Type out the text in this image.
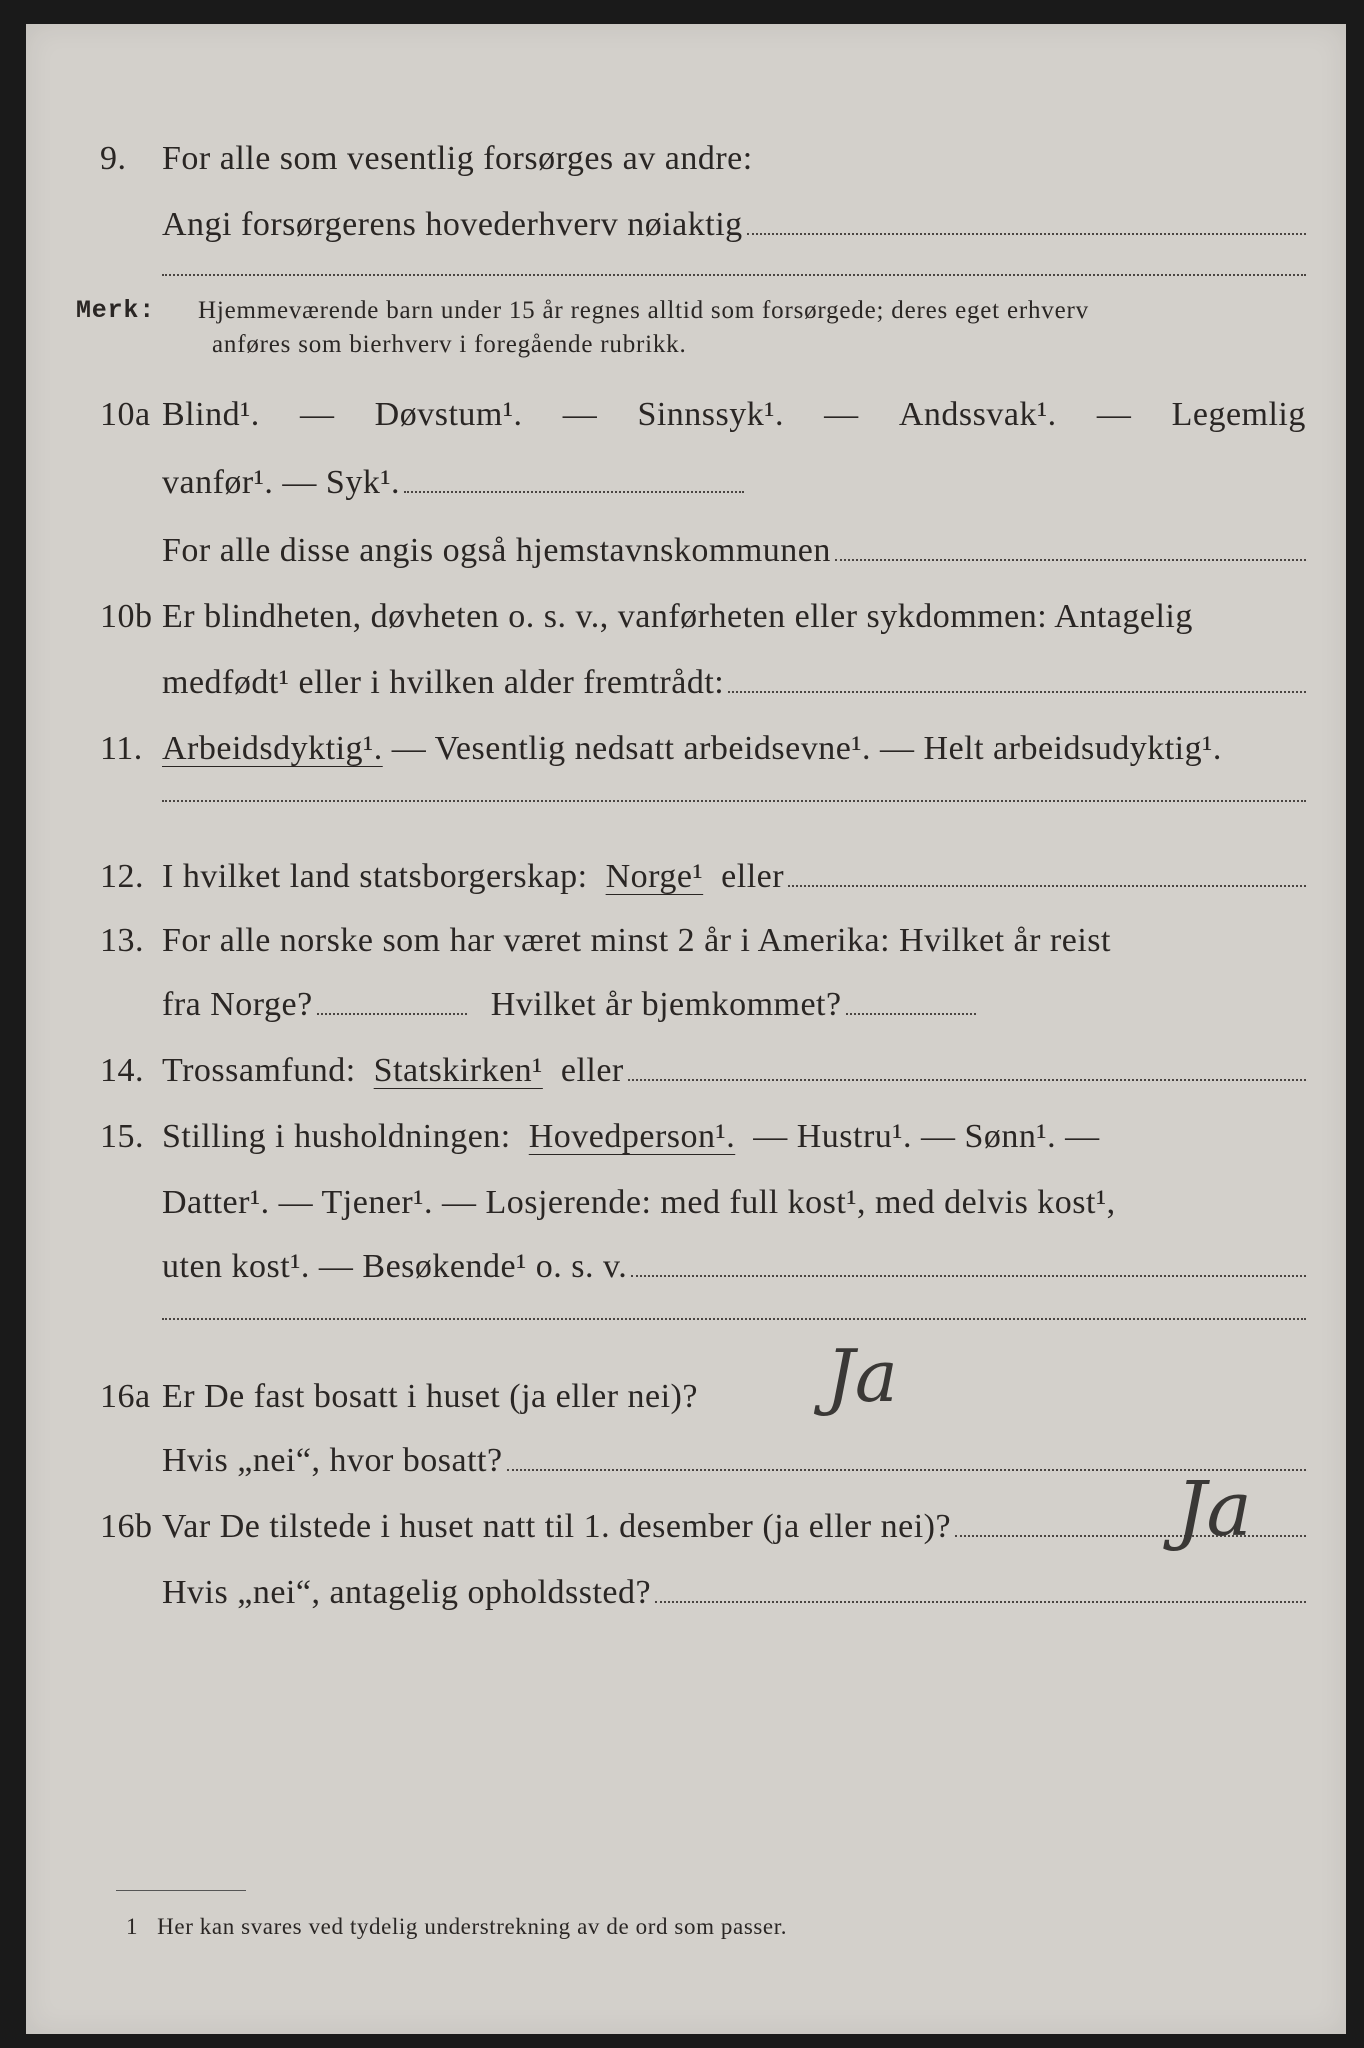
9.	For alle som vesentlig forsørges av andre:
Angi forsørgerens hovederhverv nøiaktig
Merk: Hjemmeværende barn under 15 år regnes alltid som forsørgede; deres eget erhverv
anføres som bierhverv i foregående rubrikk.
10a Blind¹. — Døvstum¹. — Sinnssyk¹. — Andssvak¹. — Legemlig
vanfør¹. — Syk¹.
For alle disse angis også hjemstavnskommunen
10b Er blindheten, døvheten o. s. v., vanførheten eller sykdommen: Antagelig
medfødt¹ eller i hvilken alder fremtrådt:
11. Arbeidsdyktig¹.
— Vesentlig nedsatt arbeidsevne¹. — Helt arbeidsudyktig¹.
12. I hvilket land statsborgerskap:
Norge¹
eller
13. For alle norske som har været minst 2 år i Amerika: Hvilket år reist
fra Norge?
	Hvilket år bjemkommet?
14. Trossamfund:
Statskirken¹
eller
15. Stilling i husholdningen:
Hovedperson¹.
— Hustru¹. — Sønn¹. —
Datter¹. — Tjener¹. — Losjerende: med full kost¹, med delvis kost¹,
uten kost¹. — Besøkende¹ o. s. v.
16a Er De fast bosatt i huset (ja eller nei)? Ja
Hvis „nei“, hvor bosatt?
16b Var De tilstede i huset natt til 1. desember (ja eller nei)?	Ja
Hvis „nei“, antagelig opholdssted?
1 Her kan svares ved tydelig understrekning av de ord som passer.
